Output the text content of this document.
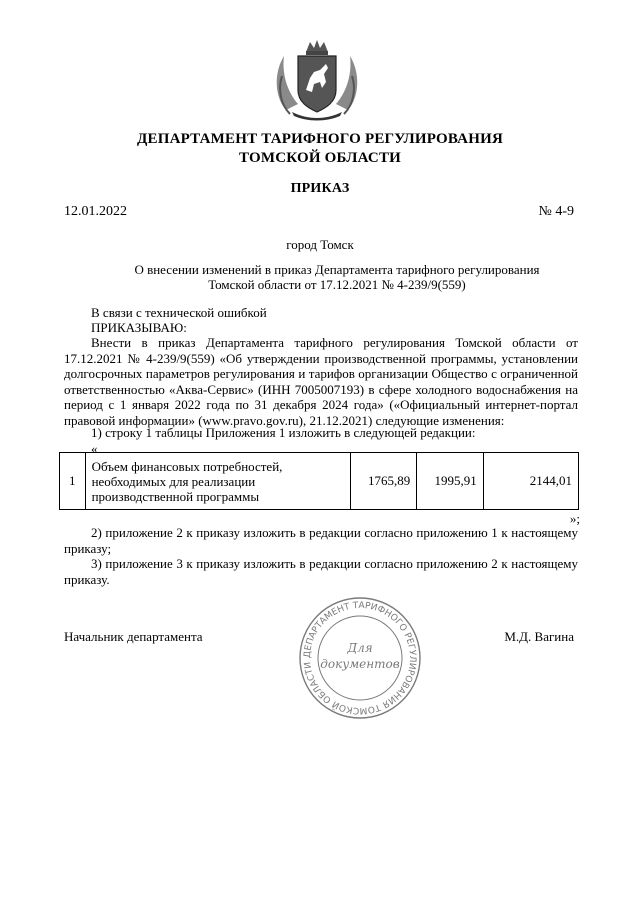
ДЕПАРТАМЕНТ ТАРИФНОГО РЕГУЛИРОВАНИЯ
ТОМСКОЙ ОБЛАСТИ
ПРИКАЗ
12.01.2022	№ 4-9
город Томск
О внесении изменений в приказ Департамента тарифного регулирования
Томской области от 17.12.2021 № 4-239/9(559)

В связи с технической ошибкой

ПРИКАЗЫВАЮ:

Внести в приказ Департамента тарифного регулирования Томской области от 17.12.2021 № 4-239/9(559) «Об утверждении производственной программы, установлении долгосрочных параметров регулирования и тарифов организации Общество с ограниченной ответственностью «Аква-Сервис» (ИНН 7005007193) в сфере холодного водоснабжения на период с 1 января 2022 года по 31 декабря 2024 года» («Официальный интернет-портал правовой информации» (www.pravo.gov.ru), 21.12.2021) следующие изменения:

1) строку 1 таблицы Приложения 1 изложить в следующей редакции:

«
1	Объем финансовых потребностей, необходимых для реализации производственной программы	1765,89	1995,91	2144,01
»;

2) приложение 2 к приказу изложить в редакции согласно приложению 1 к настоящему приказу;

3) приложение 3 к приказу изложить в редакции согласно приложению 2 к настоящему приказу.

Начальник департамента	М.Д. Вагина
ДЕПАРТАМЕНТ ТАРИФНОГО РЕГУЛИРОВАНИЯ ТОМСКОЙ ОБЛАСТИ
Для
документов
